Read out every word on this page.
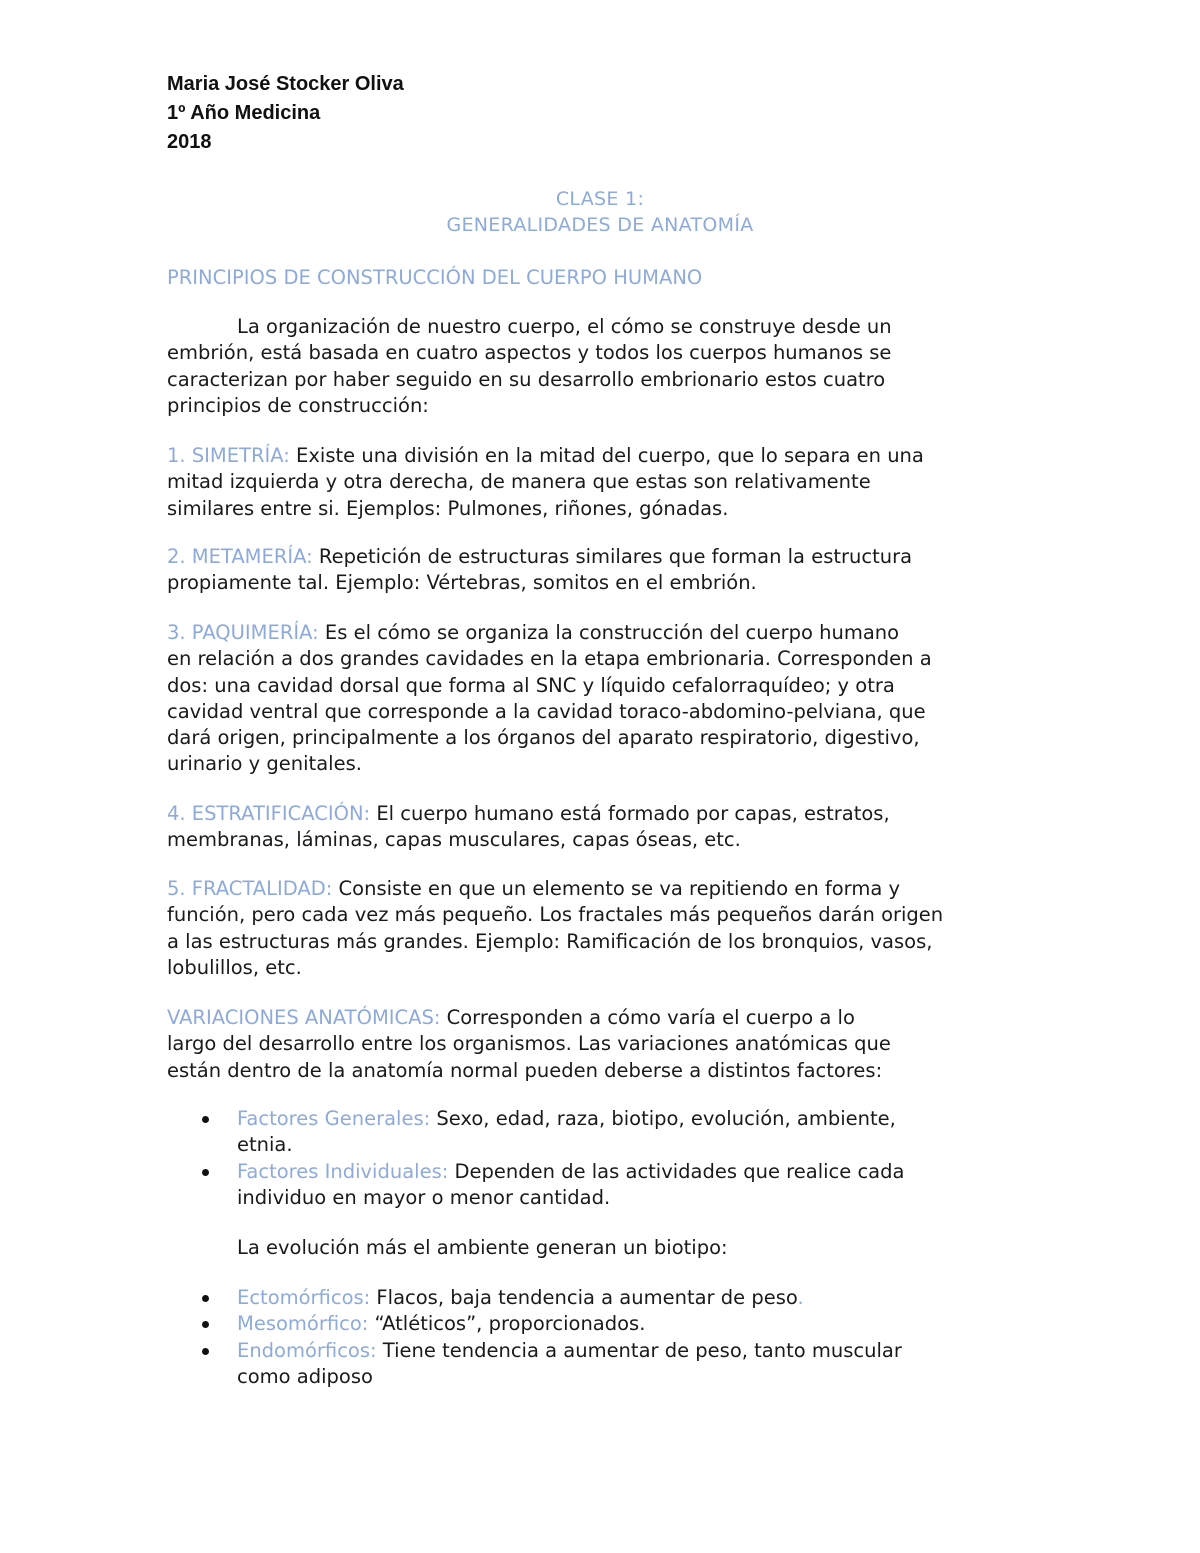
Maria José Stocker Oliva
1º Año Medicina
2018
CLASE 1:
GENERALIDADES DE ANATOMÍA
PRINCIPIOS DE CONSTRUCCIÓN DEL CUERPO HUMANO

La organización de nuestro cuerpo, el cómo se construye desde un
embrión, está basada en cuatro aspectos y todos los cuerpos humanos se
caracterizan por haber seguido en su desarrollo embrionario estos cuatro
principios de construcción:

1. SIMETRÍA: Existe una división en la mitad del cuerpo, que lo separa en una
mitad izquierda y otra derecha, de manera que estas son relativamente
similares entre si. Ejemplos: Pulmones, riñones, gónadas.

2. METAMERÍA: Repetición de estructuras similares que forman la estructura
propiamente tal. Ejemplo: Vértebras, somitos en el embrión.

3. PAQUIMERÍA: Es el cómo se organiza la construcción del cuerpo humano
en relación a dos grandes cavidades en la etapa embrionaria. Corresponden a
dos: una cavidad dorsal que forma al SNC y líquido cefalorraquídeo; y otra
cavidad ventral que corresponde a la cavidad toraco-abdomino-pelviana, que
dará origen, principalmente a los órganos del aparato respiratorio, digestivo,
urinario y genitales.

4. ESTRATIFICACIÓN: El cuerpo humano está formado por capas, estratos,
membranas, láminas, capas musculares, capas óseas, etc.

5. FRACTALIDAD: Consiste en que un elemento se va repitiendo en forma y
función, pero cada vez más pequeño. Los fractales más pequeños darán origen
a las estructuras más grandes. Ejemplo: Ramificación de los bronquios, vasos,
lobulillos, etc.

VARIACIONES ANATÓMICAS: Corresponden a cómo varía el cuerpo a lo
largo del desarrollo entre los organismos. Las variaciones anatómicas que
están dentro de la anatomía normal pueden deberse a distintos factores:

Factores Generales: Sexo, edad, raza, biotipo, evolución, ambiente,
etnia.
Factores Individuales: Dependen de las actividades que realice cada
individuo en mayor o menor cantidad.

La evolución más el ambiente generan un biotipo:

Ectomórficos: Flacos, baja tendencia a aumentar de peso.
Mesomórfico: “Atléticos”, proporcionados.
Endomórficos: Tiene tendencia a aumentar de peso, tanto muscular
como adiposo
